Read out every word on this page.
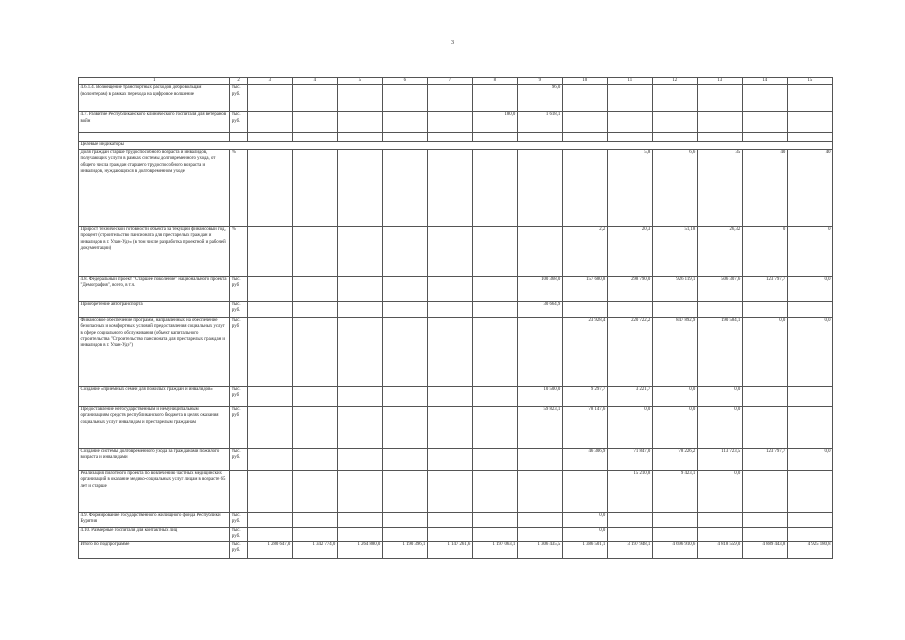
3
1	2	3	4	5	6	7	8	9	10	11	12	13	14	15
4.6.1.4. Возмещение транспортных расходов добровольцам (волонтерам) в рамках перехода на цифровое волшение	тыс. руб.							96,0						
4.7. Развитие Республиканского клинического госпиталя для ветеранов войн	тыс. руб.						180,0	1 618,1						

Целевые индикаторы														
Доля граждан старше трудоспособного возраста и инвалидов, получающих услуги в рамках системы долговременного ухода, от общего числа граждан старшего трудоспособного возраста и инвалидов, нуждающихся в долговременном уходе	%									5,8	6,6	35	40	40
Прирост технической готовности объекта за текущий финансовый год, процент (строительство пансионата для престарелых граждан и инвалидов в г. Улан-Удэ» (в том числе разработка проектной и рабочей документации)	%								2,2	20,3	51,18	26,32	0	0
4.8. Федеральный проект "Старшее поколение" национального проекта "Демография", всего, в т.ч.	тыс. руб							100 368,0	157 680,8	298 790,0	926 119,1	506 307,6	123 797,7	0,0
Приобретение автотранспорта	тыс. руб.							30 664,9						
Финансовое обеспечение программ, направленных на обеспечение безопасных и комфортных условий предоставления социальных услуг в сфере социального обслуживания (объект капитального строительства "Строительство пансионата для престарелых граждан и инвалидов в г. Улан-Удэ")	тыс. руб								23 928,4	220 722,2	847 892,9	190 584,1	0,0	0,0
Создание «приемных семей для пожилых граждан и инвалидов»	тыс. руб							10 500,0	9 297,7	3 221,7	0,0	0,0		
Предоставление негосударственным и немуниципальным организациям средств республиканского бюджета в целях оказания социальных услуг инвалидам и престарелым гражданам	тыс. руб							59 823,1	78 147,6	0,0	0,0	0,0		
Создание системы долговременного ухода за гражданами пожилого возраста и инвалидами	тыс. руб.								46 306,9	71 847,0	78 226,2	113 723,5	123 797,7	0,0
Реализация пилотного проекта по вовлечению частных медицинских организаций в оказание медико-социальных услуг лицам в возрасте 65 лет и старше										15 210,8	9 423,1	0,0		
4.9. Формирование государственного жилищного фонда Республики Бурятия	тыс. руб.								0,0					
4.10. Размерные госпиталя для контактных лиц	тыс. руб.								0,0					
Итого по подпрограмме	тыс. руб.	1 280 647,0	1 342 774,0	1 264 880,0	1 190 396,1	1 147 261,6	1 197 063,1	1 306 435,5	1 386 501,1	3 197 948,1	4 696 910,6	4 818 559,0	4 889 443,8	4 925 180,8
